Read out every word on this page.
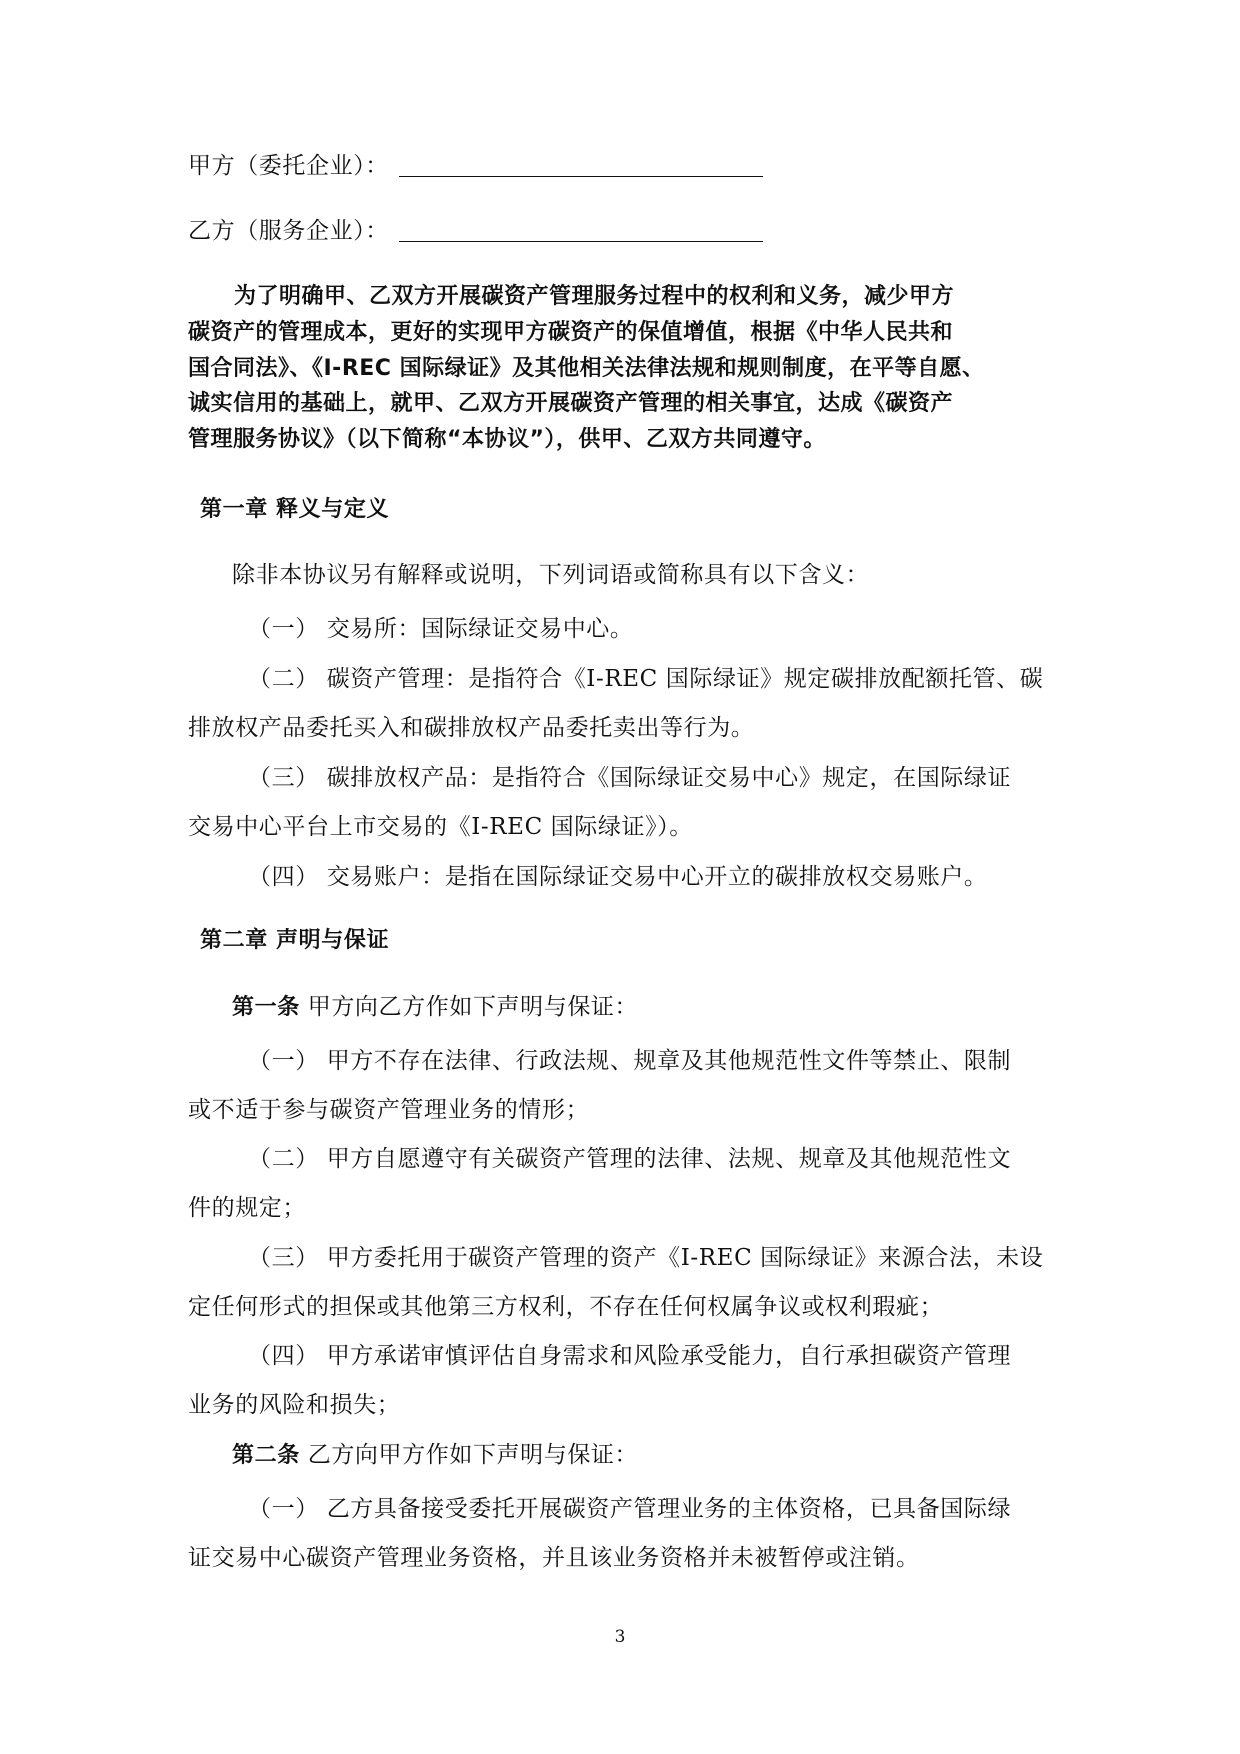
甲方（委托企业）：
乙方（服务企业）：
为了明确甲、乙双方开展碳资产管理服务过程中的权利和义务，减少甲方
碳资产的管理成本，更好的实现甲方碳资产的保值增值，根据《中华人民共和
国合同法》、《I-REC 国际绿证》及其他相关法律法规和规则制度，在平等自愿、
诚实信用的基础上，就甲、乙双方开展碳资产管理的相关事宜，达成《碳资产
管理服务协议》（以下简称“本协议”），供甲、乙双方共同遵守。
第一章 释义与定义
除非本协议另有解释或说明，下列词语或简称具有以下含义：
（一） 交易所：国际绿证交易中心。
（二） 碳资产管理：是指符合《I-REC 国际绿证》规定碳排放配额托管、碳
排放权产品委托买入和碳排放权产品委托卖出等行为。
（三） 碳排放权产品：是指符合《国际绿证交易中心》规定，在国际绿证
交易中心平台上市交易的《I-REC 国际绿证》）。
（四） 交易账户：是指在国际绿证交易中心开立的碳排放权交易账户。
第二章 声明与保证
第一条 甲方向乙方作如下声明与保证：
（一） 甲方不存在法律、行政法规、规章及其他规范性文件等禁止、限制
或不适于参与碳资产管理业务的情形；
（二） 甲方自愿遵守有关碳资产管理的法律、法规、规章及其他规范性文
件的规定；
（三） 甲方委托用于碳资产管理的资产《I-REC 国际绿证》来源合法，未设
定任何形式的担保或其他第三方权利，不存在任何权属争议或权利瑕疵；
（四） 甲方承诺审慎评估自身需求和风险承受能力，自行承担碳资产管理
业务的风险和损失；
第二条 乙方向甲方作如下声明与保证：
（一） 乙方具备接受委托开展碳资产管理业务的主体资格，已具备国际绿
证交易中心碳资产管理业务资格，并且该业务资格并未被暂停或注销。
3
